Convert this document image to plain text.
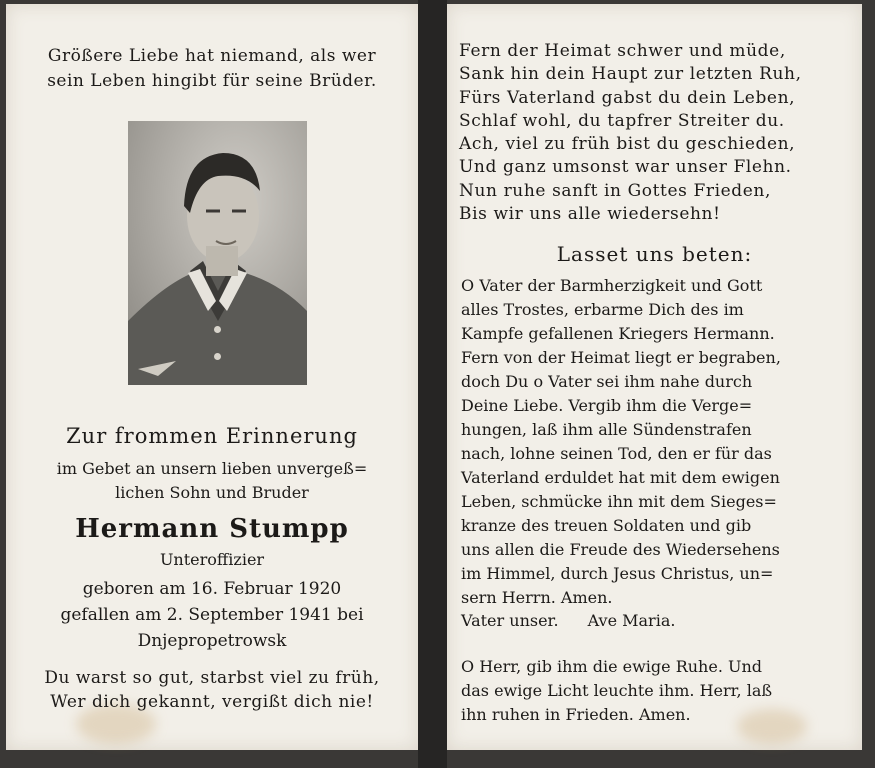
Größere Liebe hat niemand, als wer
sein Leben hingibt für seine Brüder.
Zur frommen Erinnerung
im Gebet an unsern lieben unvergeß=
lichen Sohn und Bruder
Hermann Stumpp
Unteroffizier
geboren am 16. Februar 1920
gefallen am 2. September 1941 bei
Dnjepropetrowsk
Du warst so gut, starbst viel zu früh,
Wer dich gekannt, vergißt dich nie!
Fern der Heimat schwer und müde,
Sank hin dein Haupt zur letzten Ruh,
Fürs Vaterland gabst du dein Leben,
Schlaf wohl, du tapfrer Streiter du.
Ach, viel zu früh bist du geschieden,
Und ganz umsonst war unser Flehn.
Nun ruhe sanft in Gottes Frieden,
Bis wir uns alle wiedersehn!
Lasset uns beten:
O Vater der Barmherzigkeit und Gott
alles Trostes, erbarme Dich des im
Kampfe gefallenen Kriegers Hermann.
Fern von der Heimat liegt er begraben,
doch Du o Vater sei ihm nahe durch
Deine Liebe. Vergib ihm die Verge=
hungen, laß ihm alle Sündenstrafen
nach, lohne seinen Tod, den er für das
Vaterland erduldet hat mit dem ewigen
Leben, schmücke ihn mit dem Sieges=
kranze des treuen Soldaten und gib
uns allen die Freude des Wiedersehens
im Himmel, durch Jesus Christus, un=
sern Herrn. Amen.
Vater unser. Ave Maria.
O Herr, gib ihm die ewige Ruhe. Und
das ewige Licht leuchte ihm. Herr, laß
ihn ruhen in Frieden. Amen.
